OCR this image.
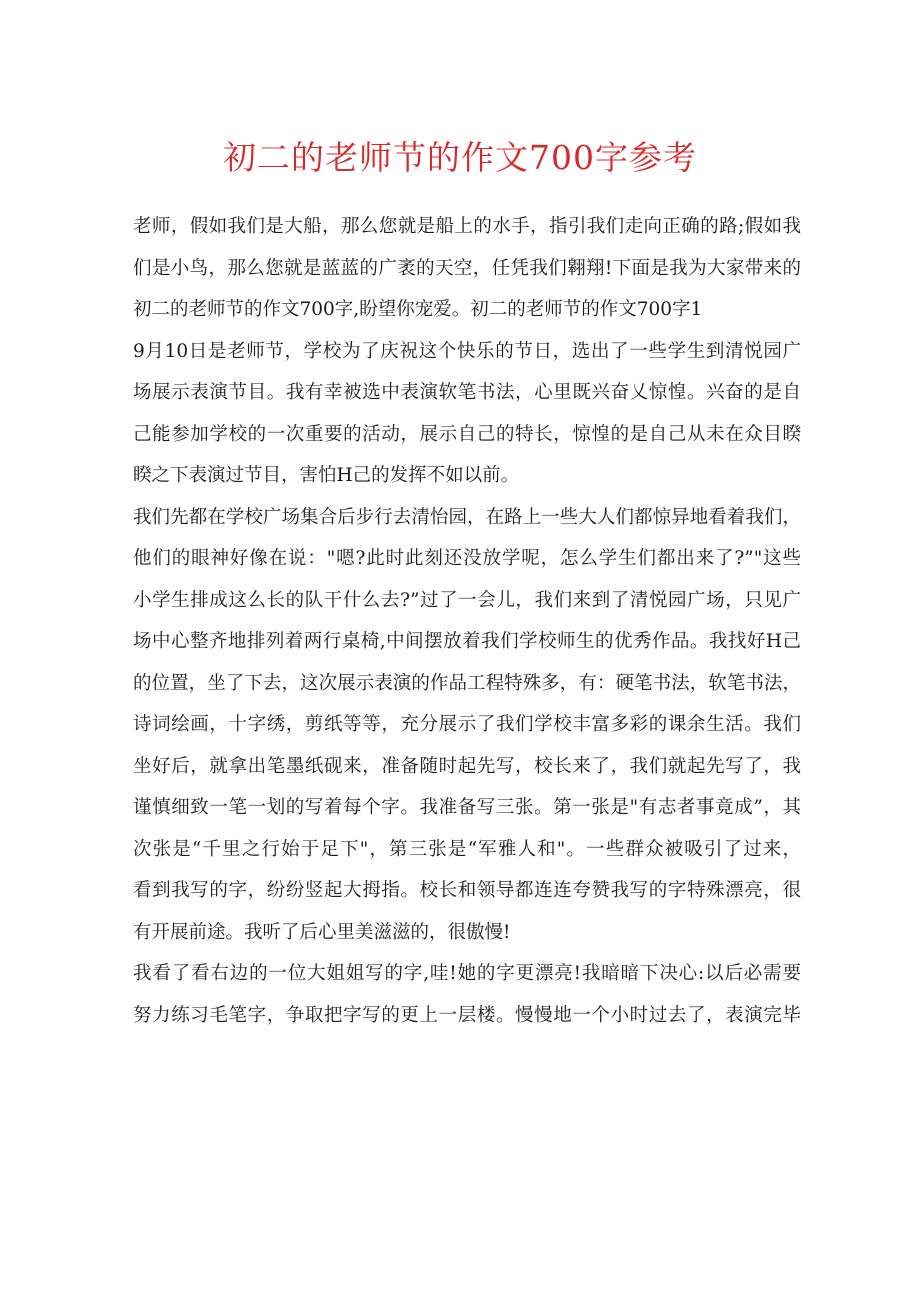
初二的老师节的作文700字参考
老师，假如我们是大船，那么您就是船上的水手，指引我们走向正确的路;假如我
们是小鸟，那么您就是蓝蓝的广袤的天空，任凭我们翱翔!下面是我为大家带来的
初二的老师节的作文700字,盼望你宠爱。初二的老师节的作文700字1
9月10日是老师节，学校为了庆祝这个快乐的节日，选出了一些学生到清悦园广
场展示表演节目。我有幸被选中表演软笔书法，心里既兴奋乂惊惶。兴奋的是自
己能参加学校的一次重要的活动，展示自己的特长，惊惶的是自己从未在众目睽
睽之下表演过节目，害怕H己的发挥不如以前。
我们先都在学校广场集合后步行去清怡园，在路上一些大人们都惊异地看着我们，
他们的眼神好像在说："嗯?此时此刻还没放学呢，怎么学生们都出来了?”"这些
小学生排成这么长的队干什么去?”过了一会儿，我们来到了清悦园广场，只见广
场中心整齐地排列着两行桌椅,中间摆放着我们学校师生的优秀作品。我找好H己
的位置，坐了下去，这次展示表演的作品工程特殊多，有：硬笔书法，软笔书法，
诗词绘画，十字绣，剪纸等等，充分展示了我们学校丰富多彩的课余生活。我们
坐好后，就拿出笔墨纸砚来，准备随时起先写，校长来了，我们就起先写了，我
谨慎细致一笔一划的写着每个字。我准备写三张。第一张是"有志者事竟成”，其
次张是“千里之行始于足下"，第三张是“军雅人和"。一些群众被吸引了过来，
看到我写的字，纷纷竖起大拇指。校长和领导都连连夸赞我写的字特殊漂亮，很
有开展前途。我听了后心里美滋滋的，很傲慢!
我看了看右边的一位大姐姐写的字,哇!她的字更漂亮!我暗暗下决心:以后必需要
努力练习毛笔字，争取把字写的更上一层楼。慢慢地一个小时过去了，表演完毕
